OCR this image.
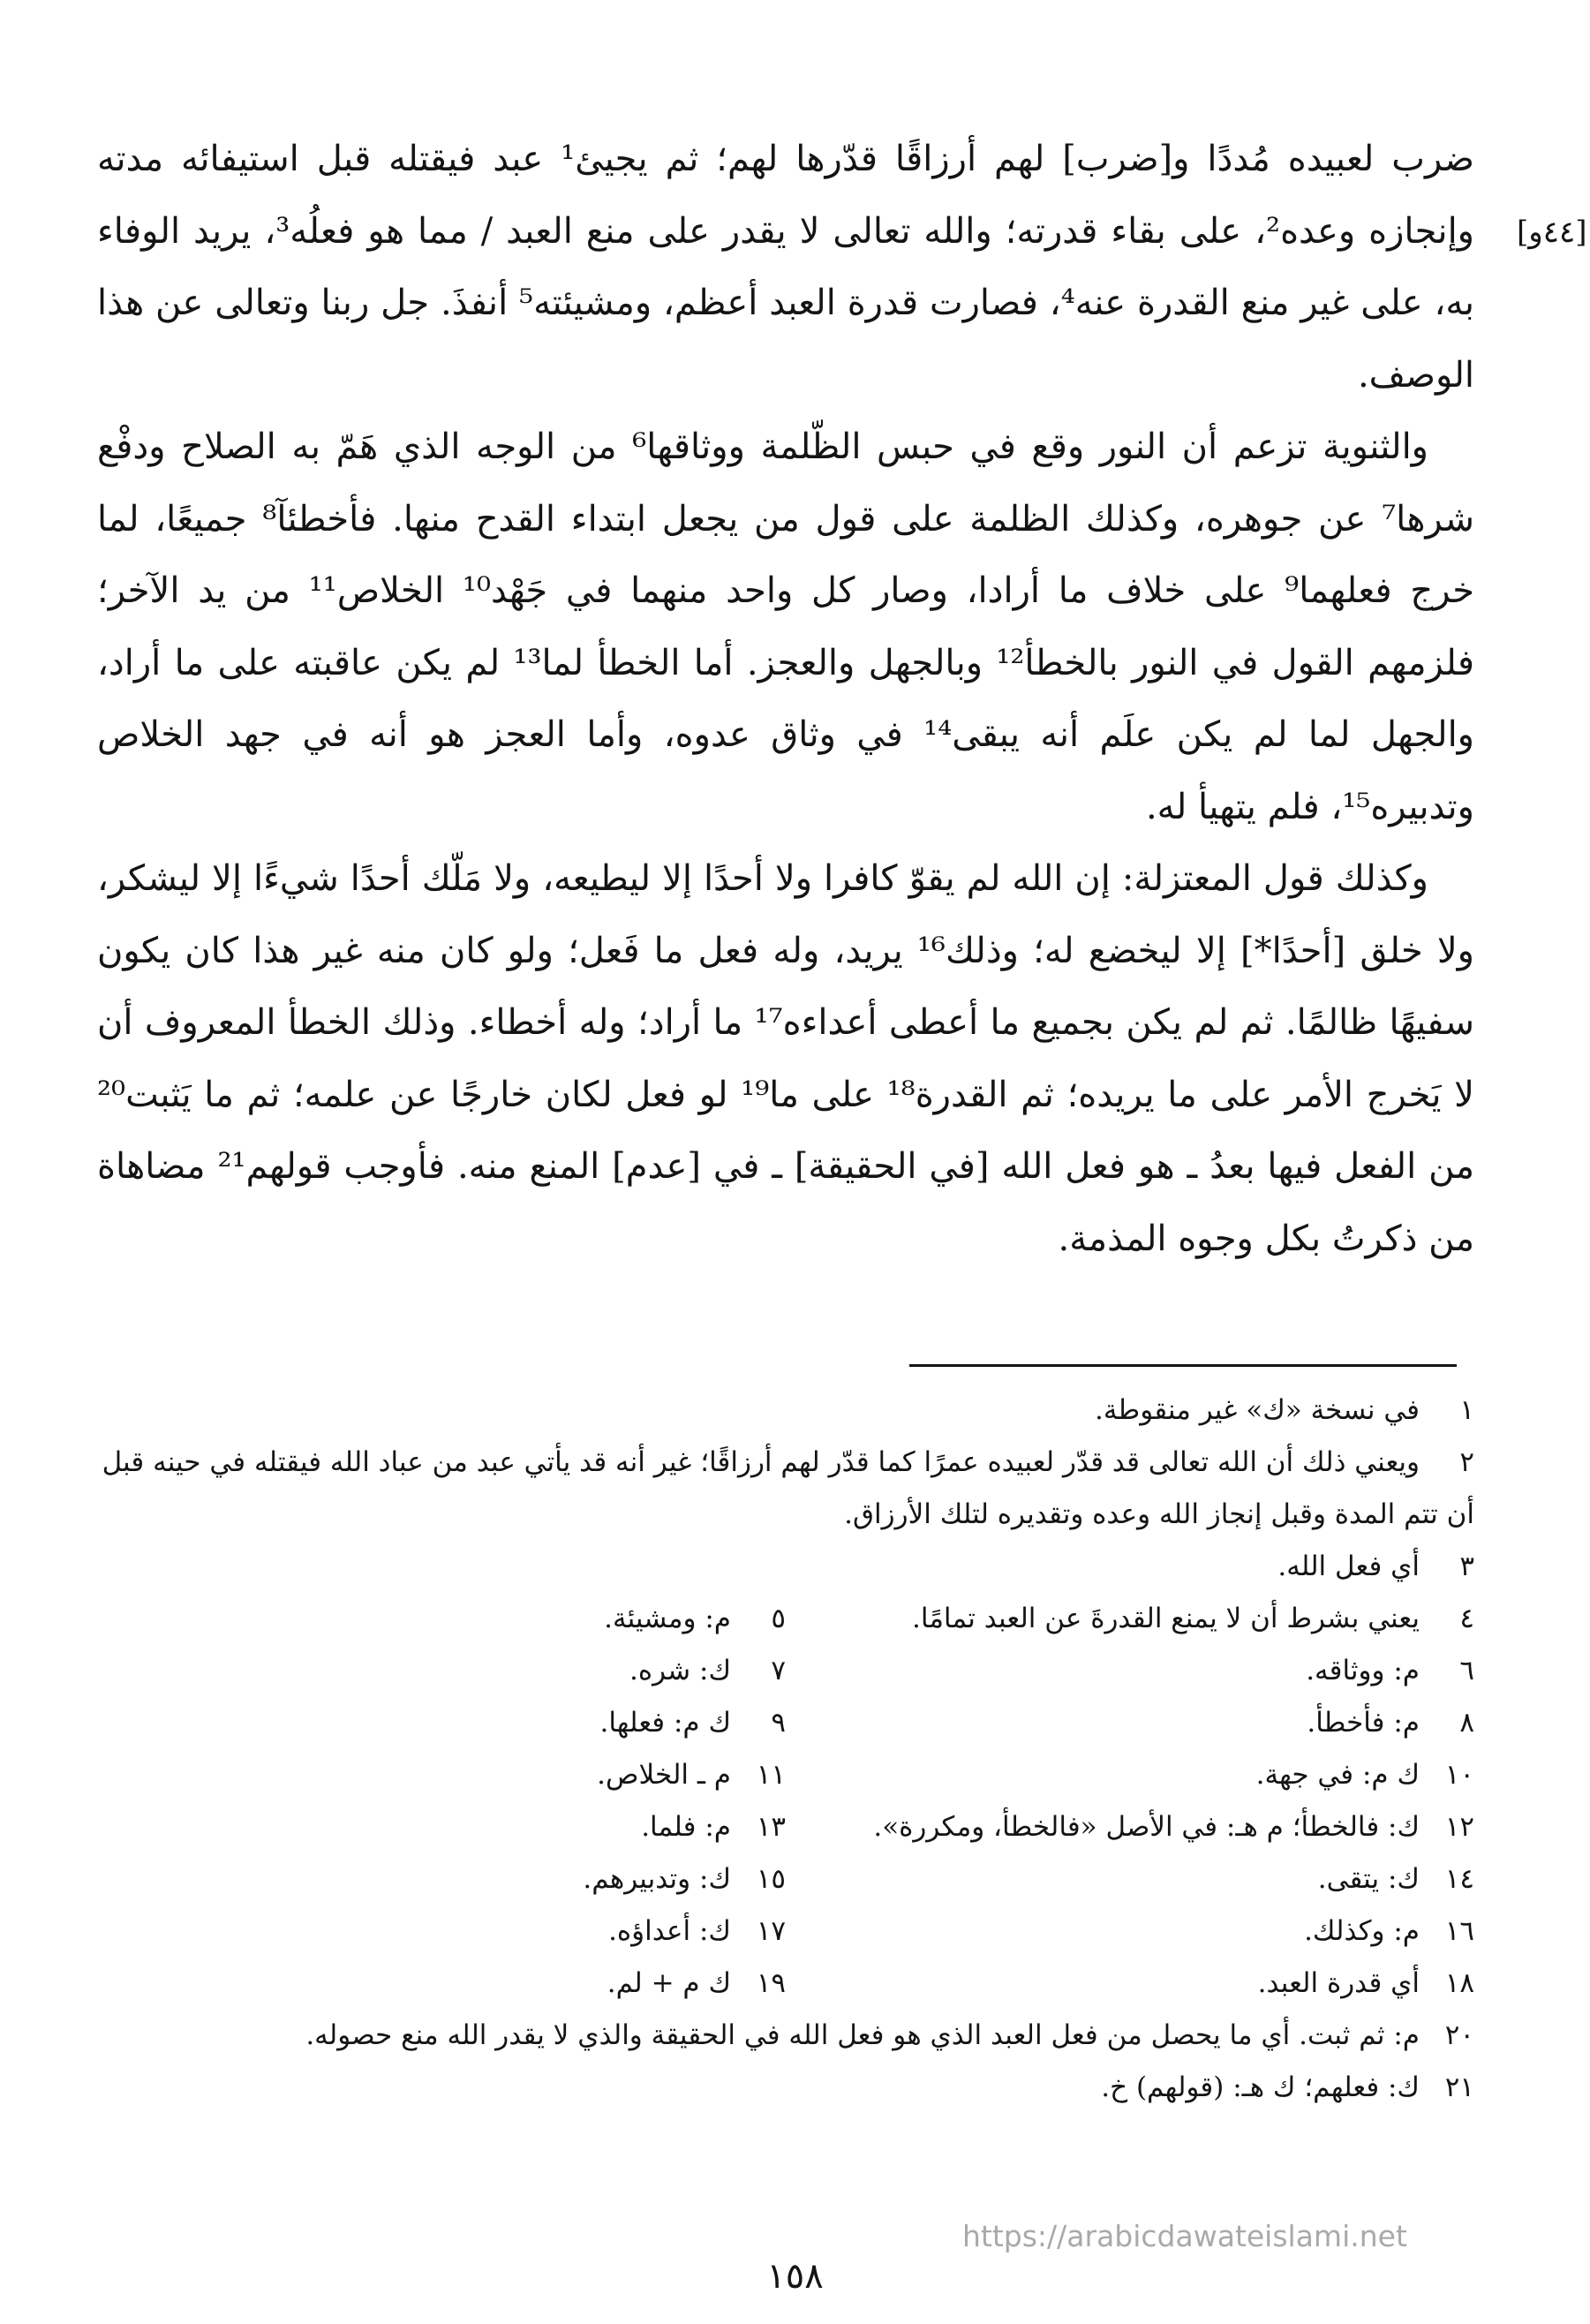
[٤٤و]

ضرب لعبيده مُددًا و[ضرب] لهم أرزاقًا قدّرها لهم؛ ثم يجيئ¹ عبد فيقتله قبل استيفائه مدته وإنجازه وعده²، على بقاء قدرته؛ والله تعالى لا يقدر على منع العبد / مما هو فعلُه³، يريد الوفاء به، على غير منع القدرة عنه⁴، فصارت قدرة العبد أعظم، ومشيئته⁵ أنفذَ. جل ربنا وتعالى عن هذا الوصف.

والثنوية تزعم أن النور وقع في حبس الظّلمة ووثاقها⁶ من الوجه الذي هَمّ به الصلاح ودفْع شرها⁷ عن جوهره، وكذلك الظلمة على قول من يجعل ابتداء القدح منها. فأخطئآ⁸ جميعًا، لما خرج فعلهما⁹ على خلاف ما أرادا، وصار كل واحد منهما في جَهْد¹⁰ الخلاص¹¹ من يد الآخر؛ فلزمهم القول في النور بالخطأ¹² وبالجهل والعجز. أما الخطأ لما¹³ لم يكن عاقبته على ما أراد، والجهل لما لم يكن علَم أنه يبقى¹⁴ في وثاق عدوه، وأما العجز هو أنه في جهد الخلاص وتدبيره¹⁵، فلم يتهيأ له.

وكذلك قول المعتزلة: إن الله لم يقوّ كافرا ولا أحدًا إلا ليطيعه، ولا مَلّك أحدًا شيءًا إلا ليشكر، ولا خلق [أحدًا*] إلا ليخضع له؛ وذلك¹⁶ يريد، وله فعل ما فَعل؛ ولو كان منه غير هذا كان يكون سفيهًا ظالمًا. ثم لم يكن بجميع ما أعطى أعداءه¹⁷ ما أراد؛ وله أخطاء. وذلك الخطأ المعروف أن لا يَخرج الأمر على ما يريده؛ ثم القدرة¹⁸ على ما¹⁹ لو فعل لكان خارجًا عن علمه؛ ثم ما يَثبت²⁰ من الفعل فيها بعدُ ـ هو فعل الله [في الحقيقة] ـ في [عدم] المنع منه. فأوجب قولهم²¹ مضاهاة من ذكرتُ بكل وجوه المذمة.

١في نسخة «ك» غير منقوطة.
٢ويعني ذلك أن الله تعالى قد قدّر لعبيده عمرًا كما قدّر لهم أرزاقًا؛ غير أنه قد يأتي عبد من عباد الله فيقتله في حينه قبل أن تتم المدة وقبل إنجاز الله وعده وتقديره لتلك الأرزاق.
٣أي فعل الله.
٤يعني بشرط أن لا يمنع القدرةَ عن العبد تمامًا.
٥م: ومشيئة.
٦م: ووثاقه.
٧ك: شره.
٨م: فأخطأ.
٩ك م: فعلها.
١٠ك م: في جهة.
١١م ـ الخلاص.
١٢ك: فالخطأ؛ م هـ: في الأصل «فالخطأ، ومكررة».
١٣م: فلما.
١٤ك: يتقى.
١٥ك: وتدبيرهم.
١٦م: وكذلك.
١٧ك: أعداؤه.
١٨أي قدرة العبد.
١٩ك م + لم.
٢٠م: ثم ثبت. أي ما يحصل من فعل العبد الذي هو فعل الله في الحقيقة والذي لا يقدر الله منع حصوله.
٢١ك: فعلهم؛ ك هـ: (قولهم) خ.
https://arabicdawateislami.net
١٥٨
